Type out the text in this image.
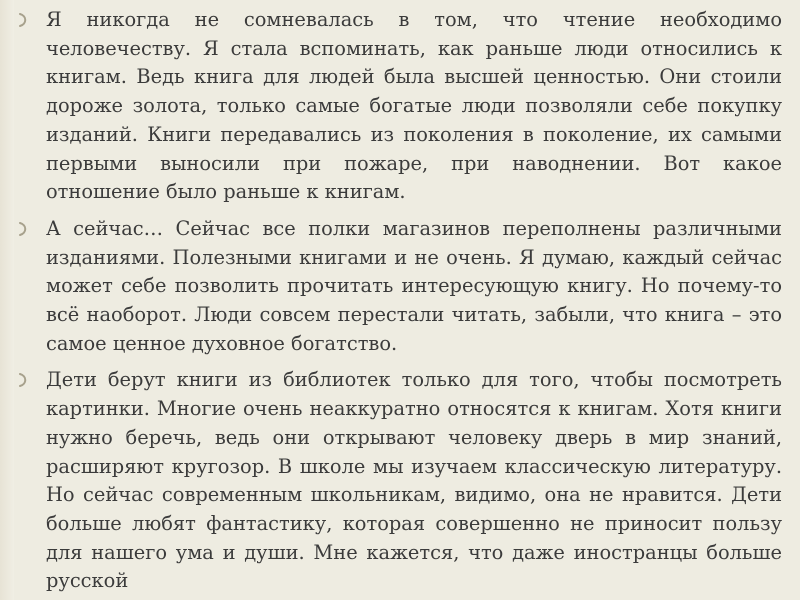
Я никогда не сомневалась в том, что чтение необходимо человечеству. Я стала вспоминать, как раньше люди относились к книгам. Ведь книга для людей была высшей ценностью. Они стоили дороже золота, только самые богатые люди позволяли себе покупку изданий. Книги передавались из поколения в поколение, их самыми первыми выносили при пожаре, при наводнении. Вот какое отношение было раньше к книгам.

А сейчас… Сейчас все полки магазинов переполнены различными изданиями. Полезными книгами и не очень. Я думаю, каждый сейчас может себе позволить прочитать интересующую книгу. Но почему-то всё наоборот. Люди совсем перестали читать, забыли, что книга – это самое ценное духовное богатство.

Дети берут книги из библиотек только для того, чтобы посмотреть картинки. Многие очень неаккуратно относятся к книгам. Хотя книги нужно беречь, ведь они открывают человеку дверь в мир знаний, расширяют кругозор. В школе мы изучаем классическую литературу. Но сейчас современным школьникам, видимо, она не нравится. Дети больше любят фантастику, которая совершенно не приносит пользу для нашего ума и души. Мне кажется, что даже иностранцы больше русской
